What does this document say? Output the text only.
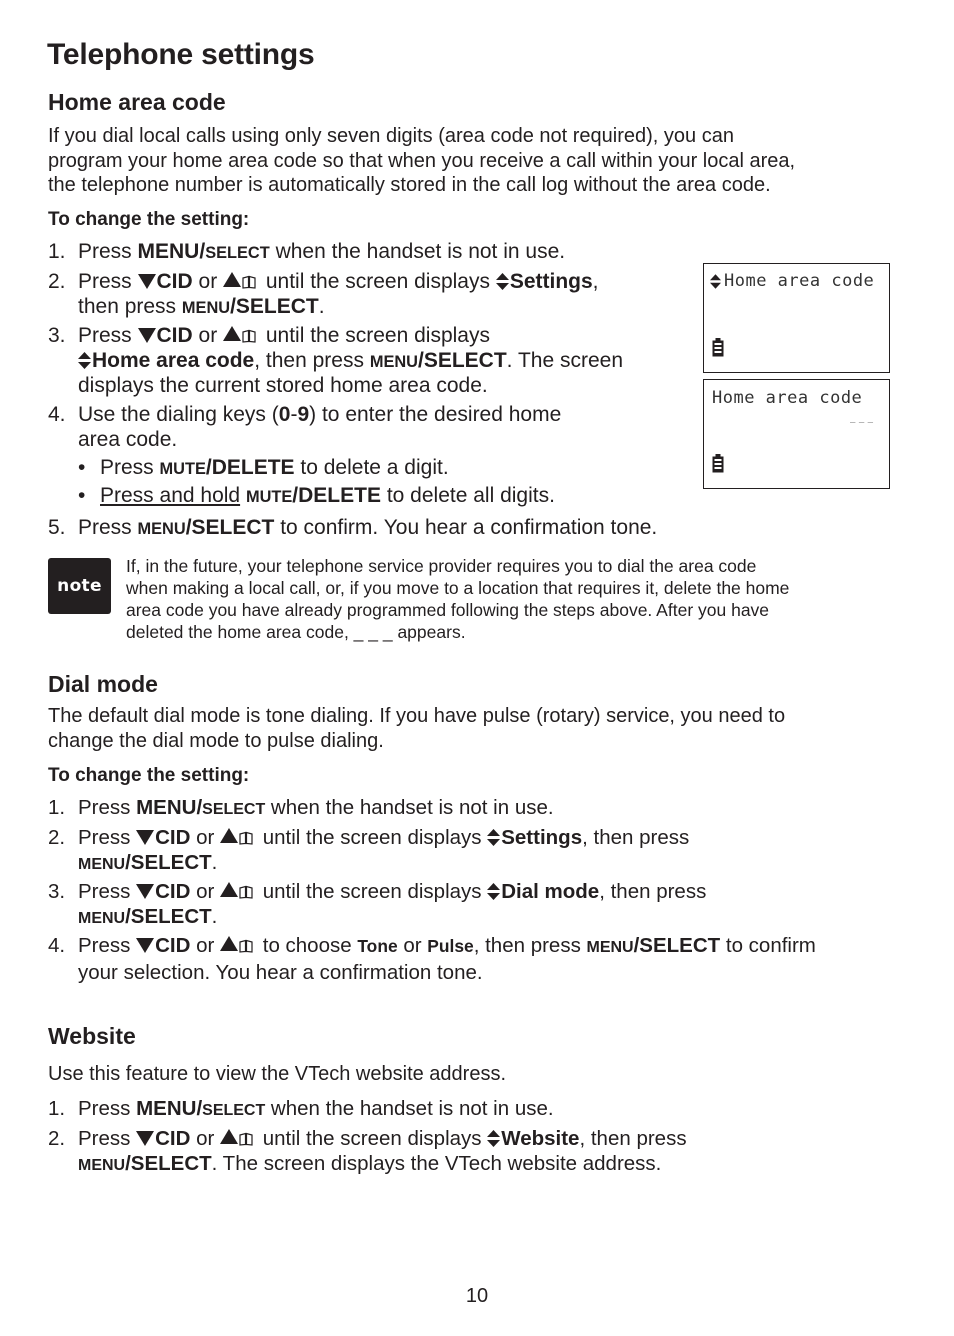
Telephone settings
Home area code
If you dial local calls using only seven digits (area code not required), you can
program your home area code so that when you receive a call within your local area,
the telephone number is automatically stored in the call log without the area code.
To change the setting:
1. Press MENU/SELECT when the handset is not in use.
2. Press CID or  until the screen displays Settings,
then press MENU/SELECT.
3. Press CID or  until the screen displays
Home area code, then press MENU/SELECT. The screen
displays the current stored home area code.
4. Use the dialing keys (0-9) to enter the desired home
area code.
• Press MUTE/DELETE to delete a digit.
• Press and hold MUTE/DELETE to delete all digits.
5. Press MENU/SELECT to confirm. You hear a confirmation tone.
Home area code
Home area code
_ _ _
note
If, in the future, your telephone service provider requires you to dial the area code
when making a local call, or, if you move to a location that requires it, delete the home
area code you have already programmed following the steps above. After you have
deleted the home area code, _ _ _ appears.
Dial mode
The default dial mode is tone dialing. If you have pulse (rotary) service, you need to
change the dial mode to pulse dialing.
To change the setting:
1. Press MENU/SELECT when the handset is not in use.
2. Press CID or  until the screen displays Settings, then press
MENU/SELECT.
3. Press CID or  until the screen displays Dial mode, then press
MENU/SELECT.
4. Press CID or  to choose Tone or Pulse, then press MENU/SELECT to confirm
your selection. You hear a confirmation tone.
Website
Use this feature to view the VTech website address.
1. Press MENU/SELECT when the handset is not in use.
2. Press CID or  until the screen displays Website, then press
MENU/SELECT. The screen displays the VTech website address.
10
